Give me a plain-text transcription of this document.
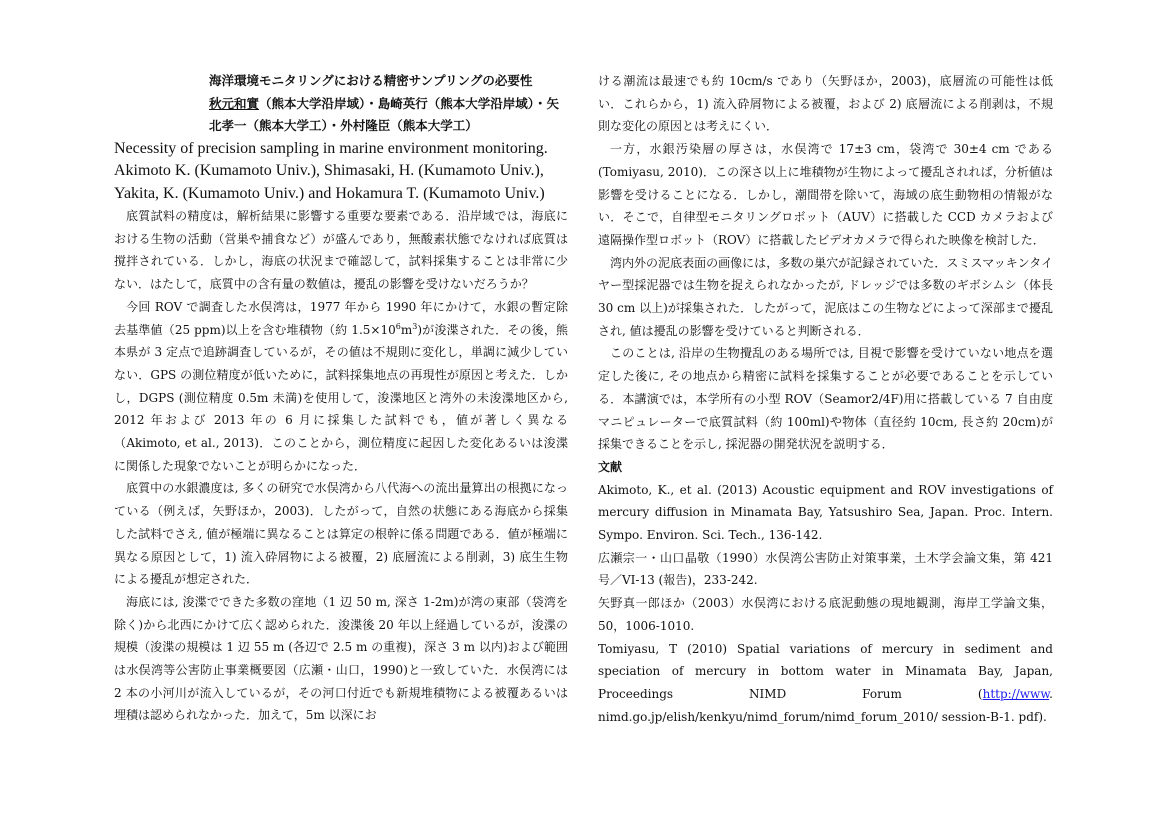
海洋環境モニタリングにおける精密サンプリングの必要性
秋元和實（熊本大学沿岸域）・島崎英行（熊本大学沿岸域）・矢北孝一（熊本大学工）・外村隆臣（熊本大学工）

Necessity of precision sampling in marine environment monitoring.

Akimoto K. (Kumamoto Univ.), Shimasaki, H. (Kumamoto Univ.),

Yakita, K. (Kumamoto Univ.) and Hokamura T. (Kumamoto Univ.)

底質試料の精度は，解析結果に影響する重要な要素である．沿岸域では，海底における生物の活動（営巣や捕食など）が盛んであり，無酸素状態でなければ底質は撹拌されている．しかし，海底の状況まで確認して，試料採集することは非常に少ない．はたして，底質中の含有量の数値は，擾乱の影響を受けないだろうか？

今回 ROV で調査した水俣湾は，1977 年から 1990 年にかけて，水銀の暫定除去基準値（25 ppm)以上を含む堆積物（約 $1.5\times 10^6m^3$)が浚渫された．その後，熊本県が 3 定点で追跡調査しているが，その値は不規則に変化し，単調に減少していない．GPS の測位精度が低いために，試料採集地点の再現性が原因と考えた．しかし，DGPS (測位精度 0.5m 未満)を使用して，浚渫地区と湾外の未浚渫地区から, 2012 年および 2013 年の 6 月に採集した試料でも，値が著しく異なる（Akimoto, et al., 2013)．このことから，測位精度に起因した変化あるいは浚渫に関係した現象でないことが明らかになった．

底質中の水銀濃度は, 多くの研究で水俣湾から八代海への流出量算出の根拠になっている（例えば，矢野ほか，2003)．したがって，自然の状態にある海底から採集した試料でさえ, 値が極端に異なることは算定の根幹に係る問題である．値が極端に異なる原因として，1) 流入砕屑物による被覆，2) 底層流による削剥，3) 底生生物による擾乱が想定された．

海底には, 浚渫でできた多数の窪地（1 辺 50 m, 深さ 1-2m)が湾の東部（袋湾を除く)から北西にかけて広く認められた．浚渫後 20 年以上経過しているが，浚渫の規模（浚渫の規模は 1 辺 55 m (各辺で 2.5 m の重複)，深さ 3 m 以内)および範囲は水俣湾等公害防止事業概要図（広瀬・山口，1990)と一致していた．水俣湾には 2 本の小河川が流入しているが，その河口付近でも新規堆積物による被覆あるいは埋積は認められなかった．加えて，5m 以深にお

ける潮流は最速でも約 10cm/s であり（矢野ほか，2003)，底層流の可能性は低い．これらから，1) 流入砕屑物による被覆，および 2) 底層流による削剥は，不規則な変化の原因とは考えにくい．

一方，水銀汚染層の厚さは，水俣湾で 17±3 cm，袋湾で 30±4 cm である (Tomiyasu, 2010)．この深さ以上に堆積物が生物によって擾乱されれば，分析値は影響を受けることになる．しかし，潮間帯を除いて，海域の底生動物相の情報がない．そこで，自律型モニタリングロボット（AUV）に搭載した CCD カメラおよび遠隔操作型ロボット（ROV）に搭載したビデオカメラで得られた映像を検討した．

湾内外の泥底表面の画像には，多数の巣穴が記録されていた．スミスマッキンタイヤー型採泥器では生物を捉えられなかったが, ドレッジでは多数のギボシムシ（体長 30 cm 以上)が採集された．したがって，泥底はこの生物などによって深部まで擾乱され, 値は擾乱の影響を受けていると判断される．

このことは, 沿岸の生物攪乱のある場所では, 目視で影響を受けていない地点を選定した後に, その地点から精密に試料を採集することが必要であることを示している．本講演では，本学所有の小型 ROV（Seamor2/4F)用に搭載している 7 自由度マニピュレーターで底質試料（約 100ml)や物体（直径約 10cm, 長さ約 20cm)が採集できることを示し, 採泥器の開発状況を説明する．

文献

Akimoto, K., et al. (2013) Acoustic equipment and ROV investigations of mercury diffusion in Minamata Bay, Yatsushiro Sea, Japan. Proc. Intern. Sympo. Environ. Sci. Tech., 136-142.

広瀬宗一・山口晶敬（1990）水俣湾公害防止対策事業，土木学会論文集，第 421 号／VI-13 (報告)，233-242.

矢野真一郎ほか（2003）水俣湾における底泥動態の現地観測，海岸工学論文集，50，1006-1010.

Tomiyasu, T (2010) Spatial variations of mercury in sediment and speciation of mercury in bottom water in Minamata Bay, Japan, Proceedings NIMD Forum (http://www. nimd.go.jp/elish/kenkyu/nimd_forum/nimd_forum_2010/ session-B-1. pdf).
